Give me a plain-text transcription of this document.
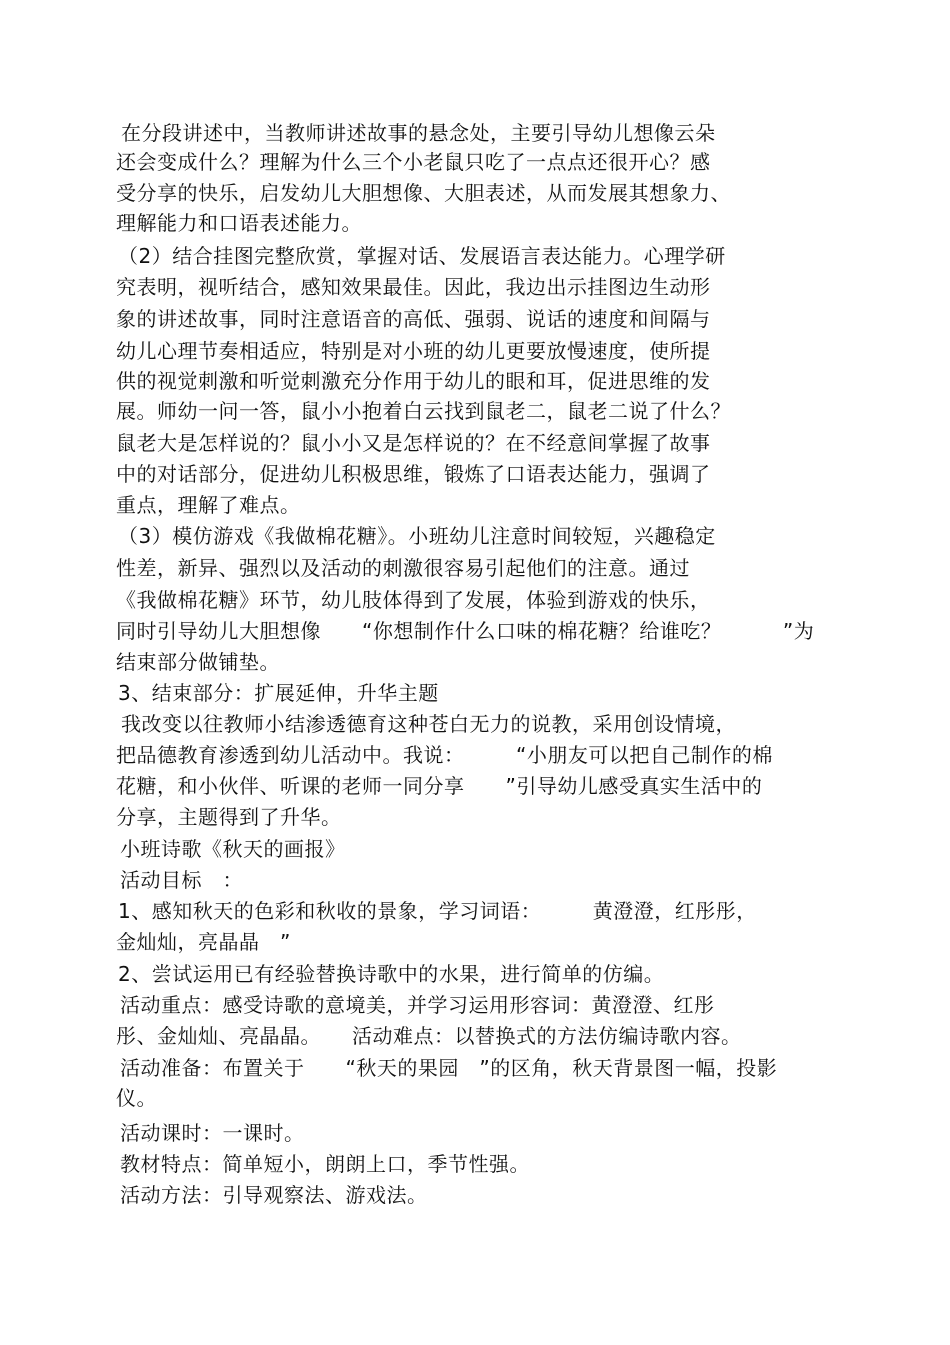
在分段讲述中，当教师讲述故事的悬念处，主要引导幼儿想像云朵
还会变成什么？理解为什么三个小老鼠只吃了一点点还很开心？感
受分享的快乐，启发幼儿大胆想像、大胆表述，从而发展其想象力、
理解能力和口语表述能力。
（2）结合挂图完整欣赏，掌握对话、发展语言表达能力。心理学研
究表明，视听结合，感知效果最佳。因此，我边出示挂图边生动形
象的讲述故事，同时注意语音的高低、强弱、说话的速度和间隔与
幼儿心理节奏相适应，特别是对小班的幼儿更要放慢速度，使所提
供的视觉刺激和听觉刺激充分作用于幼儿的眼和耳，促进思维的发
展。师幼一问一答，鼠小小抱着白云找到鼠老二，鼠老二说了什么？
鼠老大是怎样说的？鼠小小又是怎样说的？在不经意间掌握了故事
中的对话部分，促进幼儿积极思维，锻炼了口语表达能力，强调了
重点，理解了难点。
（3）模仿游戏《我做棉花糖》。小班幼儿注意时间较短，兴趣稳定
性差，新异、强烈以及活动的刺激很容易引起他们的注意。通过
《我做棉花糖》环节，幼儿肢体得到了发展，体验到游戏的快乐，
同时引导幼儿大胆想像　　“你想制作什么口味的棉花糖？给谁吃？　　　”为
结束部分做铺垫。
3、结束部分：扩展延伸，升华主题
我改变以往教师小结渗透德育这种苍白无力的说教，采用创设情境，
把品德教育渗透到幼儿活动中。我说：　　　“小朋友可以把自己制作的棉
花糖，和小伙伴、听课的老师一同分享　　”引导幼儿感受真实生活中的
分享，主题得到了升华。
小班诗歌《秋天的画报》
活动目标　：
1、感知秋天的色彩和秋收的景象，学习词语：　　　黄澄澄，红彤彤，
金灿灿，亮晶晶　”
2、尝试运用已有经验替换诗歌中的水果，进行简单的仿编。
活动重点：感受诗歌的意境美，并学习运用形容词：黄澄澄、红彤
彤、金灿灿、亮晶晶。　　活动难点：以替换式的方法仿编诗歌内容。
活动准备：布置关于　　“秋天的果园　”的区角，秋天背景图一幅，投影
仪。
活动课时：一课时。
教材特点：简单短小，朗朗上口，季节性强。
活动方法：引导观察法、游戏法。
